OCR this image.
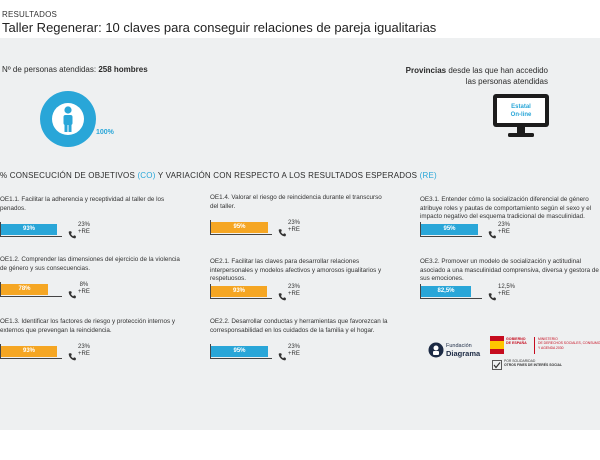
RESULTADOS
Taller Regenerar: 10 claves para conseguir relaciones de pareja igualitarias
Nº de personas atendidas: 258 hombres
100%
Provincias desde las que han accedido
las personas atendidas
Estatal
On-line
% CONSECUCIÓN DE OBJETIVOS (CO) Y VARIACIÓN CON RESPECTO A LOS RESULTADOS ESPERADOS (RE)
OE1.1. Facilitar la adherencia y receptividad al taller de los penados.
93%
23%
+RE
OE1.2. Comprender las dimensiones del ejercicio de la violencia de género y sus consecuencias.
78%
8%
+RE
OE1.3. Identificar los factores de riesgo y protección internos y externos que prevengan la reincidencia.
93%
23%
+RE
OE1.4. Valorar el riesgo de reincidencia durante el transcurso del taller.
95%
23%
+RE
OE2.1. Facilitar las claves para desarrollar relaciones interpersonales y modelos afectivos y amorosos igualitarios y respetuosos.
93%
23%
+RE
OE2.2. Desarrollar conductas y herramientas que favorezcan la corresponsabilidad en los cuidados de la familia y el hogar.
95%
23%
+RE
OE3.1. Entender cómo la socialización diferencial de género atribuye roles y pautas de comportamiento según el sexo y el impacto negativo del esquema tradicional de masculinidad.
95%
23%
+RE
OE3.2. Promover un modelo de socialización y actitudinal asociado a una masculinidad comprensiva, diversa y gestora de sus emociones.
82,5%
12,5%
+RE
Fundación
Diagrama
GOBIERNO
DE ESPAÑA
MINISTERIO
DE DERECHOS SOCIALES, CONSUMO
Y AGENDA 2030
POR SOLIDARIDAD
OTROS FINES DE INTERÉS SOCIAL
